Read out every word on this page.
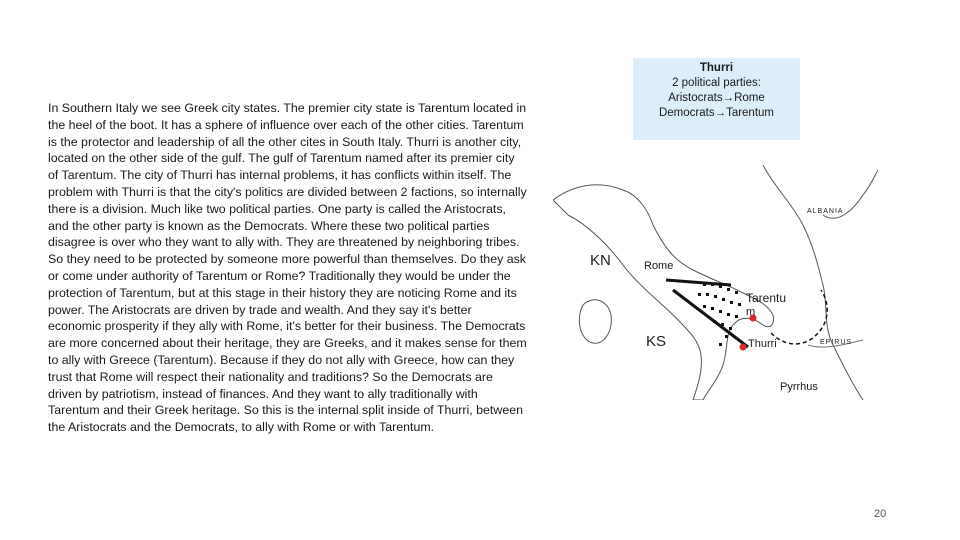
In Southern Italy we see Greek city states. The premier city state is Tarentum located in the heel of the boot. It has a sphere of influence over each of the other cities. Tarentum is the protector and leadership of all the other cites in South Italy. Thurri is another city, located on the other side of the gulf. The gulf of Tarentum named after its premier city of Tarentum. The city of Thurri has internal problems, it has conflicts within itself. The problem with Thurri is that the city's politics are divided between 2 factions, so internally there is a division. Much like two political parties. One party is called the Aristocrats, and the other party is known as the Democrats. Where these two political parties disagree is over who they want to ally with. They are threatened by neighboring tribes. So they need to be protected by someone more powerful than themselves. Do they ask or come under authority of Tarentum or Rome? Traditionally they would be under the protection of Tarentum, but at this stage in their history they are noticing Rome and its power. The Aristocrats are driven by trade and wealth. And they say it's better economic prosperity if they ally with Rome, it's better for their business. The Democrats are more concerned about their heritage, they are Greeks, and it makes sense for them to ally with Greece (Tarentum). Because if they do not ally with Greece, how can they trust that Rome will respect their nationality and traditions? So the Democrats are driven by patriotism, instead of finances. And they want to ally traditionally with Tarentum and their Greek heritage. So this is the internal split inside of Thurri, between the Aristocrats and the Democrats, to ally with Rome or with Tarentum.
Thurri
2 political parties:
Aristocrats→Rome
Democrats→Tarentum
KN	Rome
Tarentu
m
KS	Thurri
Pyrrhus
ALBANIA
EPIRUS
20
